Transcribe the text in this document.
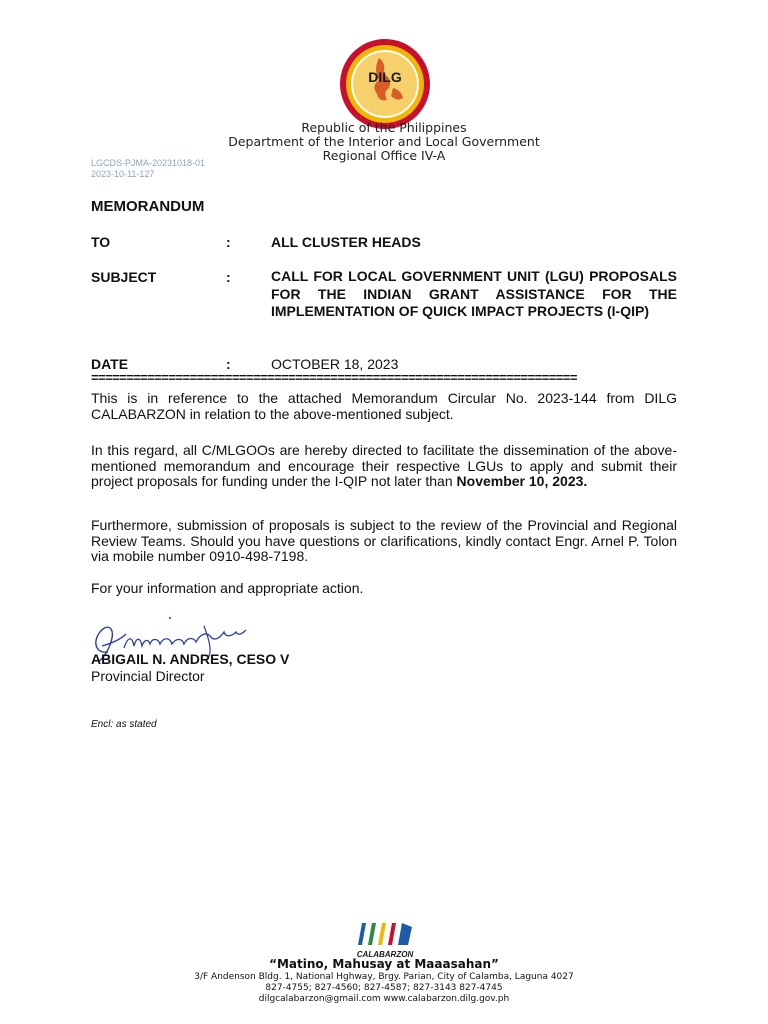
DILG
Republic of the Philippines
Department of the Interior and Local Government
Regional Office IV-A
LGCDS-PJMA-20231018-01
2023-10-11-127
MEMORANDUM
TO	:	ALL CLUSTER HEADS
SUBJECT	:	CALL FOR LOCAL GOVERNMENT UNIT (LGU) PROPOSALS FOR THE INDIAN GRANT ASSISTANCE FOR THE IMPLEMENTATION OF QUICK IMPACT PROJECTS (I-QIP)
DATE	:	OCTOBER 18, 2023
=====================================================================
This is in reference to the attached Memorandum Circular No. 2023-144 from DILG CALABARZON in relation to the above-mentioned subject.
In this regard, all C/MLGOOs are hereby directed to facilitate the dissemination of the above-mentioned memorandum and encourage their respective LGUs to apply and submit their project proposals for funding under the I-QIP not later than November 10, 2023.
Furthermore, submission of proposals is subject to the review of the Provincial and Regional Review Teams. Should you have questions or clarifications, kindly contact Engr. Arnel P. Tolon via mobile number 0910-498-7198.
For your information and appropriate action.
ABIGAIL N. ANDRES, CESO V
Provincial Director
Encl: as stated
CALABARZON
“Matino, Mahusay at Maaasahan”
3/F Andenson Bldg. 1, National Hghway, Brgy. Parian, City of Calamba, Laguna 4027
827-4755; 827-4560; 827-4587; 827-3143 827-4745
dilgcalabarzon@gmail.com www.calabarzon.dilg.gov.ph
